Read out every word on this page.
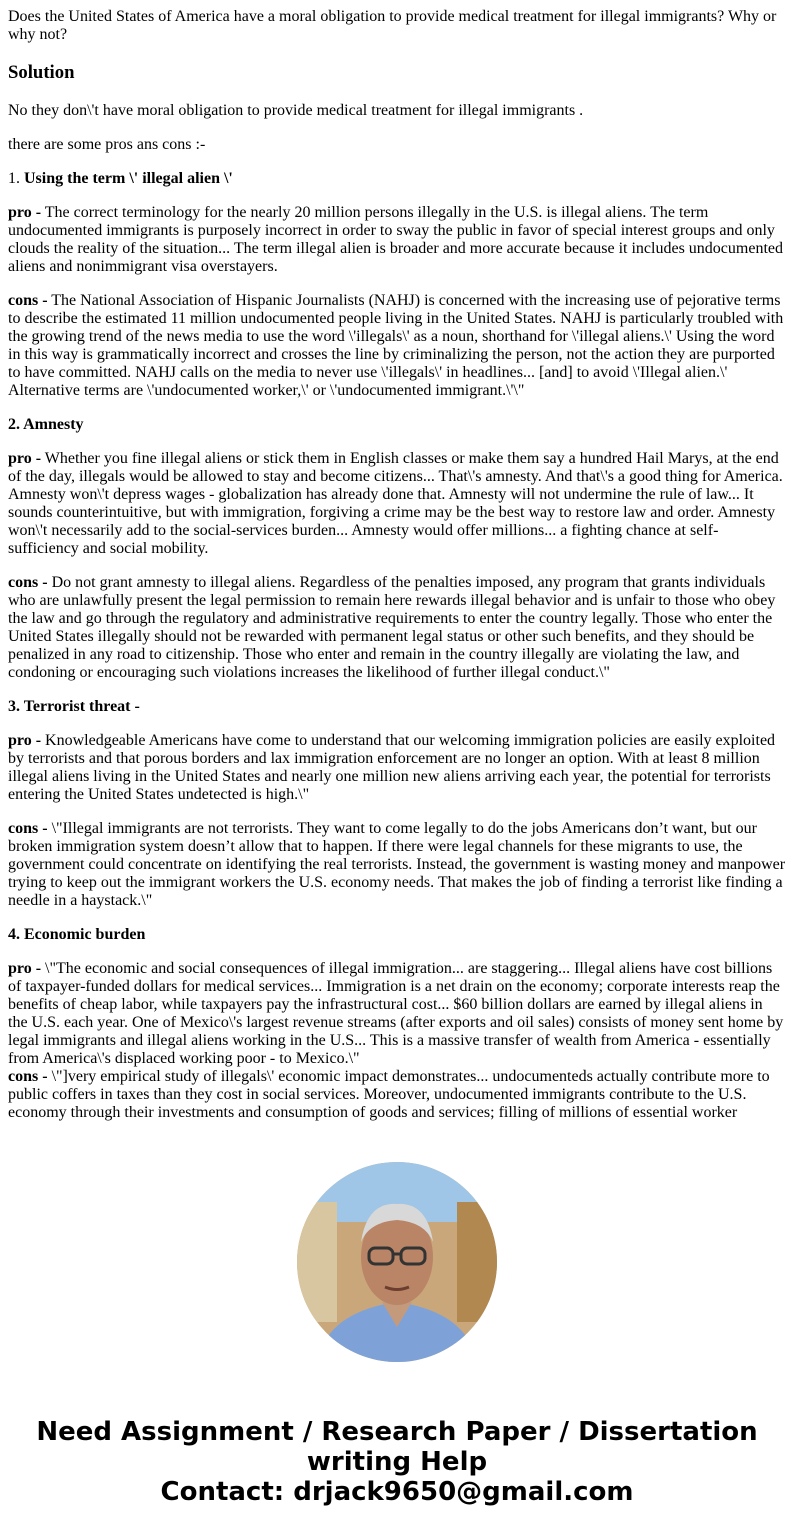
Does the United States of America have a moral obligation to provide medical treatment for illegal immigrants? Why or why not?

Solution

No they don\'t have moral obligation to provide medical treatment for illegal immigrants .

there are some pros ans cons :-

1. Using the term \' illegal alien \'

pro - The correct terminology for the nearly 20 million persons illegally in the U.S. is illegal aliens. The term undocumented immigrants is purposely incorrect in order to sway the public in favor of special interest groups and only clouds the reality of the situation... The term illegal alien is broader and more accurate because it includes undocumented aliens and nonimmigrant visa overstayers.

cons - The National Association of Hispanic Journalists (NAHJ) is concerned with the increasing use of pejorative terms to describe the estimated 11 million undocumented people living in the United States. NAHJ is particularly troubled with the growing trend of the news media to use the word \'illegals\' as a noun, shorthand for \'illegal aliens.\' Using the word in this way is grammatically incorrect and crosses the line by criminalizing the person, not the action they are purported to have committed. NAHJ calls on the media to never use \'illegals\' in headlines... [and] to avoid \'Illegal alien.\' Alternative terms are \'undocumented worker,\' or \'undocumented immigrant.\'\"

2. Amnesty

pro - Whether you fine illegal aliens or stick them in English classes or make them say a hundred Hail Marys, at the end of the day, illegals would be allowed to stay and become citizens... That\'s amnesty. And that\'s a good thing for America. Amnesty won\'t depress wages - globalization has already done that. Amnesty will not undermine the rule of law... It sounds counterintuitive, but with immigration, forgiving a crime may be the best way to restore law and order. Amnesty won\'t necessarily add to the social-services burden... Amnesty would offer millions... a fighting chance at self-sufficiency and social mobility.

cons - Do not grant amnesty to illegal aliens. Regardless of the penalties imposed, any program that grants individuals who are unlawfully present the legal permission to remain here rewards illegal behavior and is unfair to those who obey the law and go through the regulatory and administrative requirements to enter the country legally. Those who enter the United States illegally should not be rewarded with permanent legal status or other such benefits, and they should be penalized in any road to citizenship. Those who enter and remain in the country illegally are violating the law, and condoning or encouraging such violations increases the likelihood of further illegal conduct.\"

3. Terrorist threat -

pro - Knowledgeable Americans have come to understand that our welcoming immigration policies are easily exploited by terrorists and that porous borders and lax immigration enforcement are no longer an option. With at least 8 million illegal aliens living in the United States and nearly one million new aliens arriving each year, the potential for terrorists entering the United States undetected is high.\"

cons - \"Illegal immigrants are not terrorists. They want to come legally to do the jobs Americans don’t want, but our broken immigration system doesn’t allow that to happen. If there were legal channels for these migrants to use, the government could concentrate on identifying the real terrorists. Instead, the government is wasting money and manpower trying to keep out the immigrant workers the U.S. economy needs. That makes the job of finding a terrorist like finding a needle in a haystack.\"

4. Economic burden

pro - \"The economic and social consequences of illegal immigration... are staggering... Illegal aliens have cost billions of taxpayer-funded dollars for medical services... Immigration is a net drain on the economy; corporate interests reap the benefits of cheap labor, while taxpayers pay the infrastructural cost... $60 billion dollars are earned by illegal aliens in the U.S. each year. One of Mexico\'s largest revenue streams (after exports and oil sales) consists of money sent home by legal immigrants and illegal aliens working in the U.S... This is a massive transfer of wealth from America - essentially from America\'s displaced working poor - to Mexico.\"

cons - \"]very empirical study of illegals\' economic impact demonstrates... undocumenteds actually contribute more to public coffers in taxes than they cost in social services. Moreover, undocumented immigrants contribute to the U.S. economy through their investments and consumption of goods and services; filling of millions of essential worker

Need Assignment / Research Paper / Dissertation writing Help
Contact: drjack9650@gmail.com
